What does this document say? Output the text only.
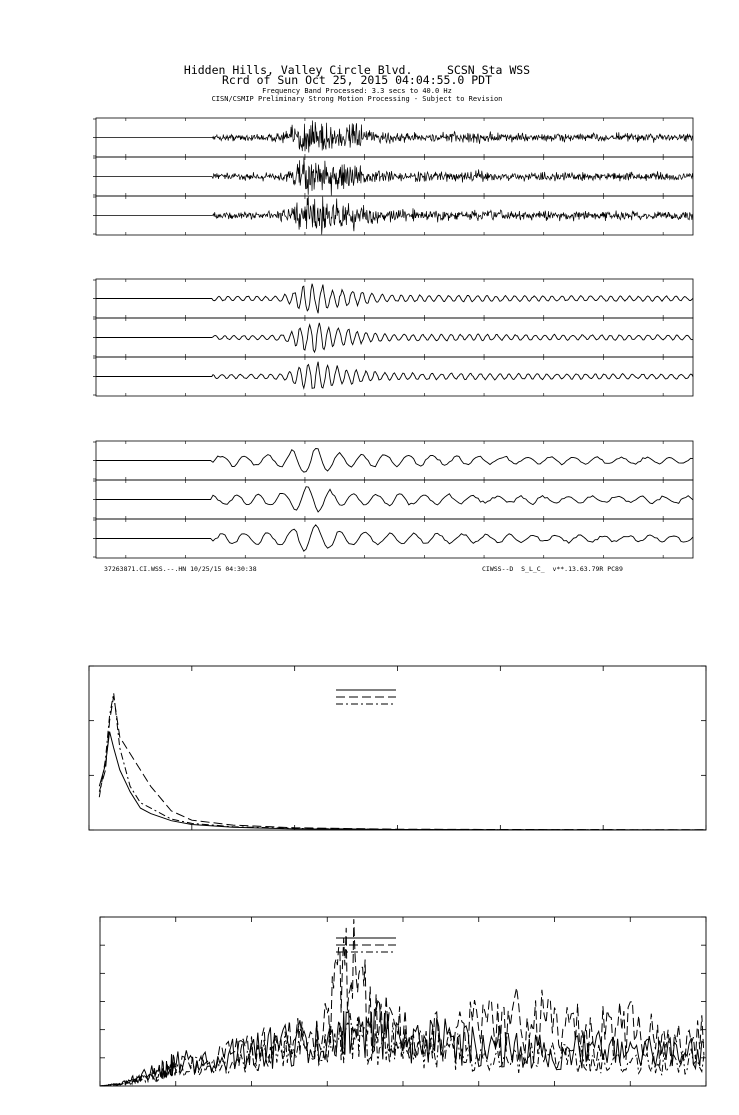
Hidden Hills, Valley Circle Blvd.     SCSN Sta WSS
Rcrd of Sun Oct 25, 2015 04:04:55.0 PDT
Frequency Band Processed: 3.3 secs to 40.0 Hz
CISN/CSMIP Preliminary Strong Motion Processing - Subject to Revision
37263871.CI.WSS.--.HN 10/25/15 04:30:38	CIWSS--D  S_L_C_  v**.13.63.79R PC89
